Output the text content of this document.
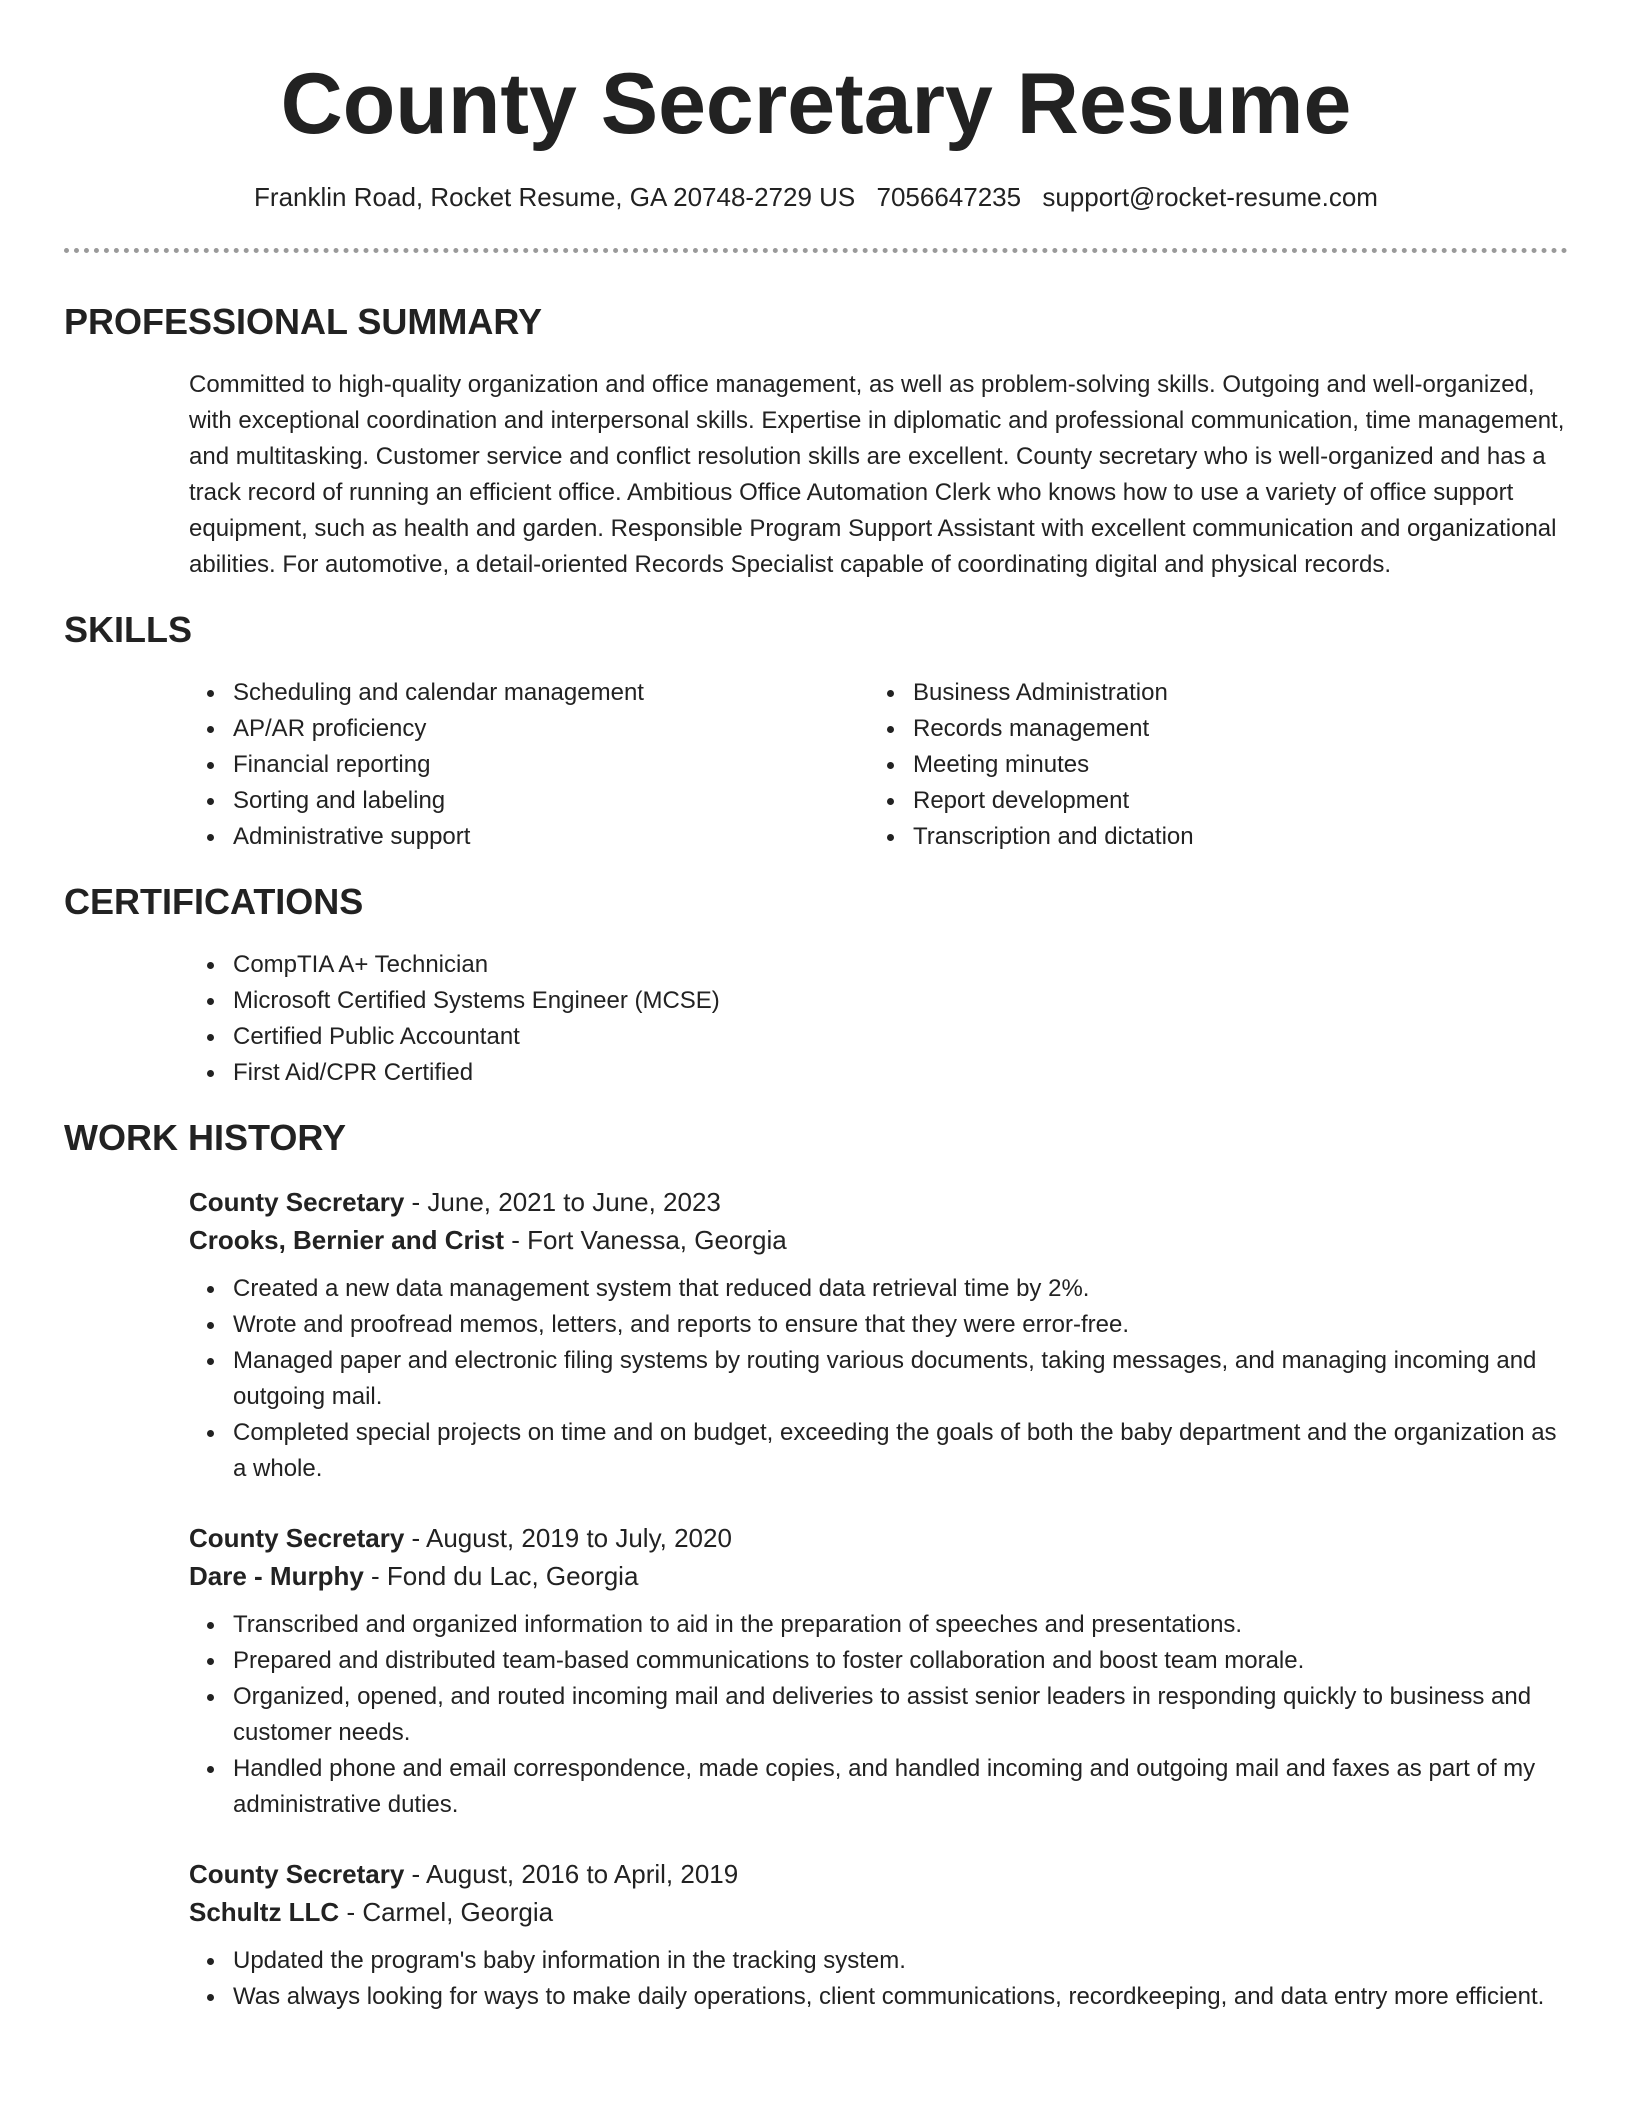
County Secretary Resume
Franklin Road, Rocket Resume, GA 20748-2729 US 7056647235 support@rocket-resume.com
PROFESSIONAL SUMMARY
Committed to high-quality organization and office management, as well as problem-solving skills. Outgoing and well-organized, with exceptional coordination and interpersonal skills. Expertise in diplomatic and professional communication, time management, and multitasking. Customer service and conflict resolution skills are excellent. County secretary who is well-organized and has a track record of running an efficient office. Ambitious Office Automation Clerk who knows how to use a variety of office support equipment, such as health and garden. Responsible Program Support Assistant with excellent communication and organizational abilities. For automotive, a detail-oriented Records Specialist capable of coordinating digital and physical records.
SKILLS
Scheduling and calendar management
AP/AR proficiency
Financial reporting
Sorting and labeling
Administrative support
Business Administration
Records management
Meeting minutes
Report development
Transcription and dictation
CERTIFICATIONS
CompTIA A+ Technician
Microsoft Certified Systems Engineer (MCSE)
Certified Public Accountant
First Aid/CPR Certified
WORK HISTORY
County Secretary - June, 2021 to June, 2023
Crooks, Bernier and Crist - Fort Vanessa, Georgia
Created a new data management system that reduced data retrieval time by 2%.
Wrote and proofread memos, letters, and reports to ensure that they were error-free.
Managed paper and electronic filing systems by routing various documents, taking messages, and managing incoming and outgoing mail.
Completed special projects on time and on budget, exceeding the goals of both the baby department and the organization as a whole.
County Secretary - August, 2019 to July, 2020
Dare - Murphy - Fond du Lac, Georgia
Transcribed and organized information to aid in the preparation of speeches and presentations.
Prepared and distributed team-based communications to foster collaboration and boost team morale.
Organized, opened, and routed incoming mail and deliveries to assist senior leaders in responding quickly to business and customer needs.
Handled phone and email correspondence, made copies, and handled incoming and outgoing mail and faxes as part of my administrative duties.
County Secretary - August, 2016 to April, 2019
Schultz LLC - Carmel, Georgia
Updated the program's baby information in the tracking system.
Was always looking for ways to make daily operations, client communications, recordkeeping, and data entry more efficient.
